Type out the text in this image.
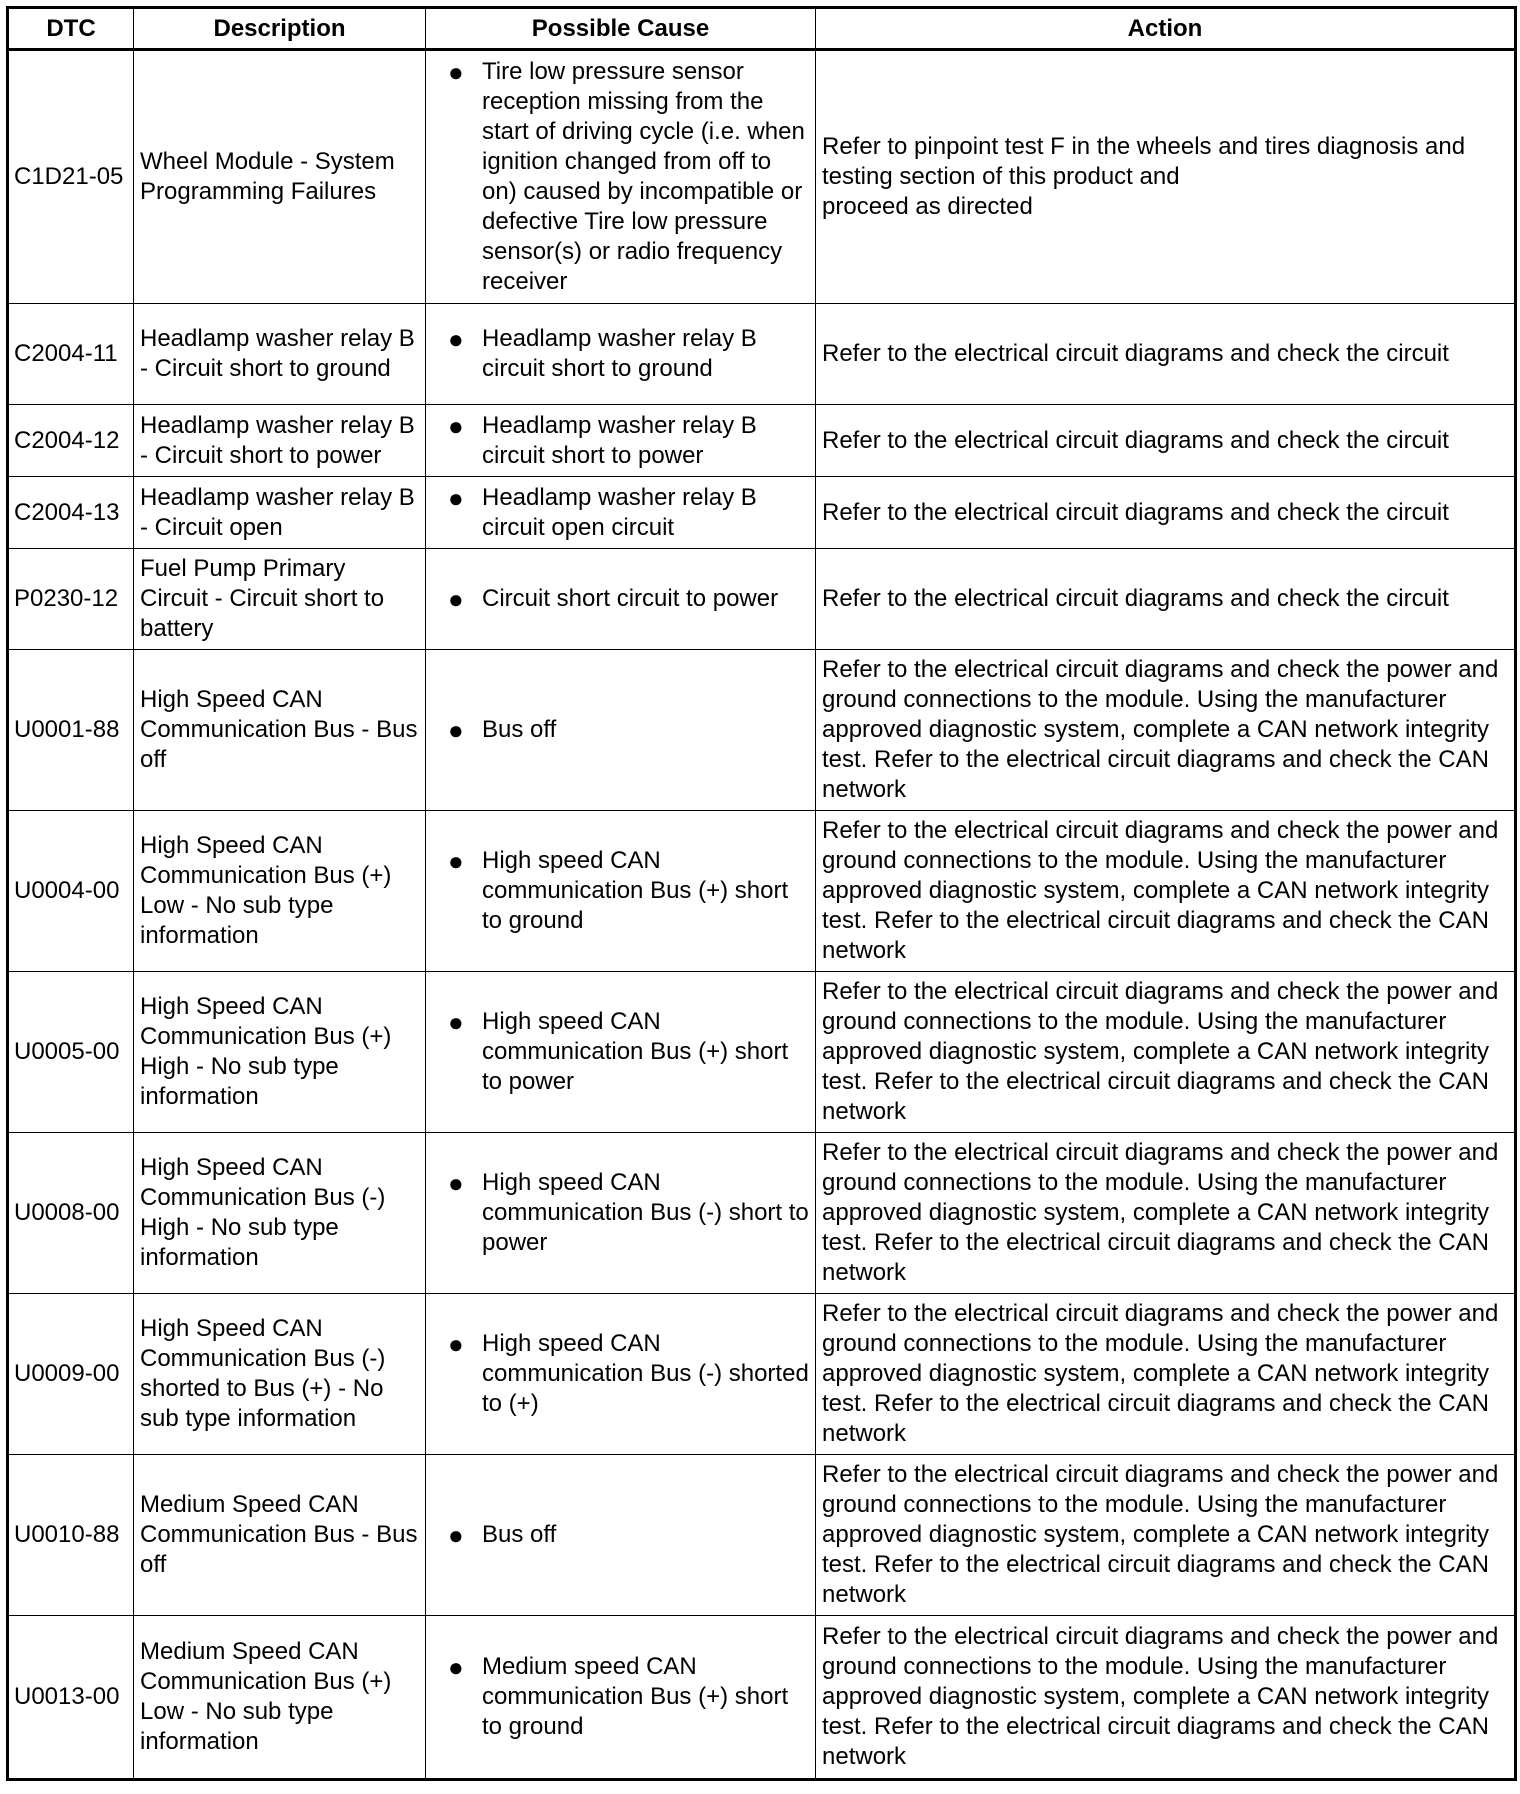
DTC	Description	Possible Cause	Action
C1D21-05	Wheel Module - System Programming Failures	● Tire low pressure sensor reception missing from the start of driving cycle (i.e. when ignition changed from off to on) caused by incompatible or defective Tire low pressure sensor(s) or radio frequency receiver	Refer to pinpoint test F in the wheels and tires diagnosis and testing section of this product and
proceed as directed
C2004-11	Headlamp washer relay B - Circuit short to ground	● Headlamp washer relay B circuit short to ground	Refer to the electrical circuit diagrams and check the circuit
C2004-12	Headlamp washer relay B - Circuit short to power	● Headlamp washer relay B circuit short to power	Refer to the electrical circuit diagrams and check the circuit
C2004-13	Headlamp washer relay B - Circuit open	● Headlamp washer relay B circuit open circuit	Refer to the electrical circuit diagrams and check the circuit
P0230-12	Fuel Pump Primary Circuit - Circuit short to battery	● Circuit short circuit to power	Refer to the electrical circuit diagrams and check the circuit
U0001-88	High Speed CAN Communication Bus - Bus off	● Bus off	Refer to the electrical circuit diagrams and check the power and ground connections to the module. Using the manufacturer approved diagnostic system, complete a CAN network integrity test. Refer to the electrical circuit diagrams and check the CAN network
U0004-00	High Speed CAN Communication Bus (+) Low - No sub type information	● High speed CAN communication Bus (+) short to ground	Refer to the electrical circuit diagrams and check the power and ground connections to the module. Using the manufacturer approved diagnostic system, complete a CAN network integrity test. Refer to the electrical circuit diagrams and check the CAN network
U0005-00	High Speed CAN Communication Bus (+) High - No sub type information	● High speed CAN communication Bus (+) short to power	Refer to the electrical circuit diagrams and check the power and ground connections to the module. Using the manufacturer approved diagnostic system, complete a CAN network integrity test. Refer to the electrical circuit diagrams and check the CAN network
U0008-00	High Speed CAN Communication Bus (-) High - No sub type information	● High speed CAN communication Bus (-) short to power	Refer to the electrical circuit diagrams and check the power and ground connections to the module. Using the manufacturer approved diagnostic system, complete a CAN network integrity test. Refer to the electrical circuit diagrams and check the CAN network
U0009-00	High Speed CAN Communication Bus (-) shorted to Bus (+) - No sub type information	● High speed CAN communication Bus (-) shorted to (+)	Refer to the electrical circuit diagrams and check the power and ground connections to the module. Using the manufacturer approved diagnostic system, complete a CAN network integrity test. Refer to the electrical circuit diagrams and check the CAN network
U0010-88	Medium Speed CAN Communication Bus - Bus off	● Bus off	Refer to the electrical circuit diagrams and check the power and ground connections to the module. Using the manufacturer approved diagnostic system, complete a CAN network integrity test. Refer to the electrical circuit diagrams and check the CAN network
U0013-00	Medium Speed CAN Communication Bus (+) Low - No sub type information	● Medium speed CAN communication Bus (+) short to ground	Refer to the electrical circuit diagrams and check the power and ground connections to the module. Using the manufacturer approved diagnostic system, complete a CAN network integrity test. Refer to the electrical circuit diagrams and check the CAN network
